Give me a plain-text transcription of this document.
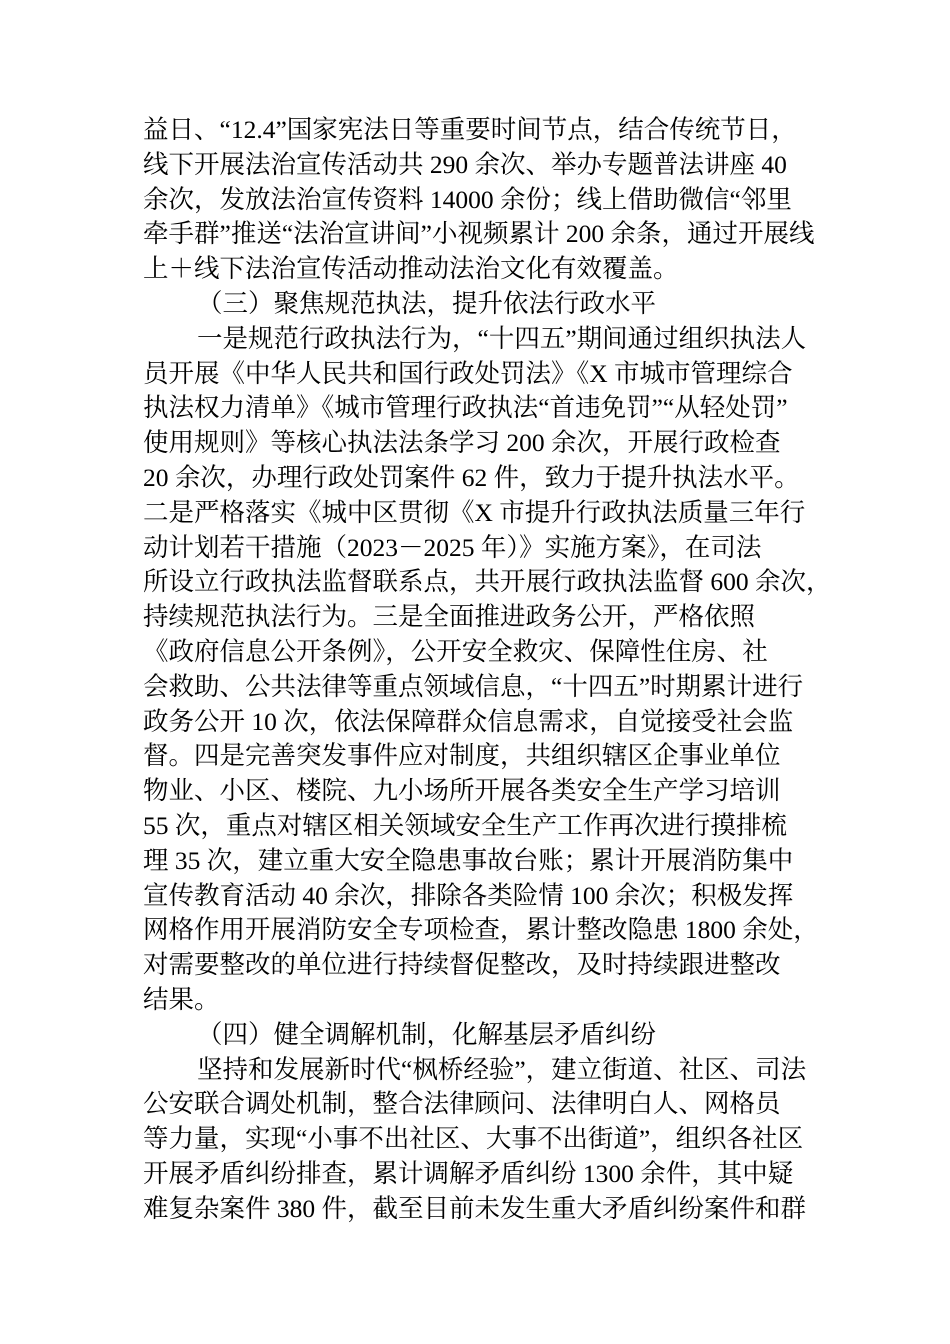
益日、“12.4”国家宪法日等重要时间节点，结合传统节日，
线下开展法治宣传活动共 290 余次、举办专题普法讲座 40
余次，发放法治宣传资料 14000 余份；线上借助微信“邻里
牵手群”推送“法治宣讲间”小视频累计 200 余条，通过开展线
上＋线下法治宣传活动推动法治文化有效覆盖。
（三）聚焦规范执法，提升依法行政水平
一是规范行政执法行为，“十四五”期间通过组织执法人
员开展《中华人民共和国行政处罚法》《X 市城市管理综合
执法权力清单》《城市管理行政执法“首违免罚”“从轻处罚”
使用规则》等核心执法法条学习 200 余次，开展行政检查
20 余次，办理行政处罚案件 62 件，致力于提升执法水平。
二是严格落实《城中区贯彻《X 市提升行政执法质量三年行
动计划若干措施（2023－2025 年）》实施方案》，在司法
所设立行政执法监督联系点，共开展行政执法监督 600 余次，
持续规范执法行为。三是全面推进政务公开，严格依照
《政府信息公开条例》，公开安全救灾、保障性住房、社
会救助、公共法律等重点领域信息，“十四五”时期累计进行
政务公开 10 次，依法保障群众信息需求，自觉接受社会监
督。四是完善突发事件应对制度，共组织辖区企事业单位
物业、小区、楼院、九小场所开展各类安全生产学习培训
55 次，重点对辖区相关领域安全生产工作再次进行摸排梳
理 35 次，建立重大安全隐患事故台账；累计开展消防集中
宣传教育活动 40 余次，排除各类险情 100 余次；积极发挥
网格作用开展消防安全专项检查，累计整改隐患 1800 余处，
对需要整改的单位进行持续督促整改，及时持续跟进整改
结果。
（四）健全调解机制，化解基层矛盾纠纷
坚持和发展新时代“枫桥经验”，建立街道、社区、司法
公安联合调处机制，整合法律顾问、法律明白人、网格员
等力量，实现“小事不出社区、大事不出街道”，组织各社区
开展矛盾纠纷排查，累计调解矛盾纠纷 1300 余件，其中疑
难复杂案件 380 件，截至目前未发生重大矛盾纠纷案件和群
